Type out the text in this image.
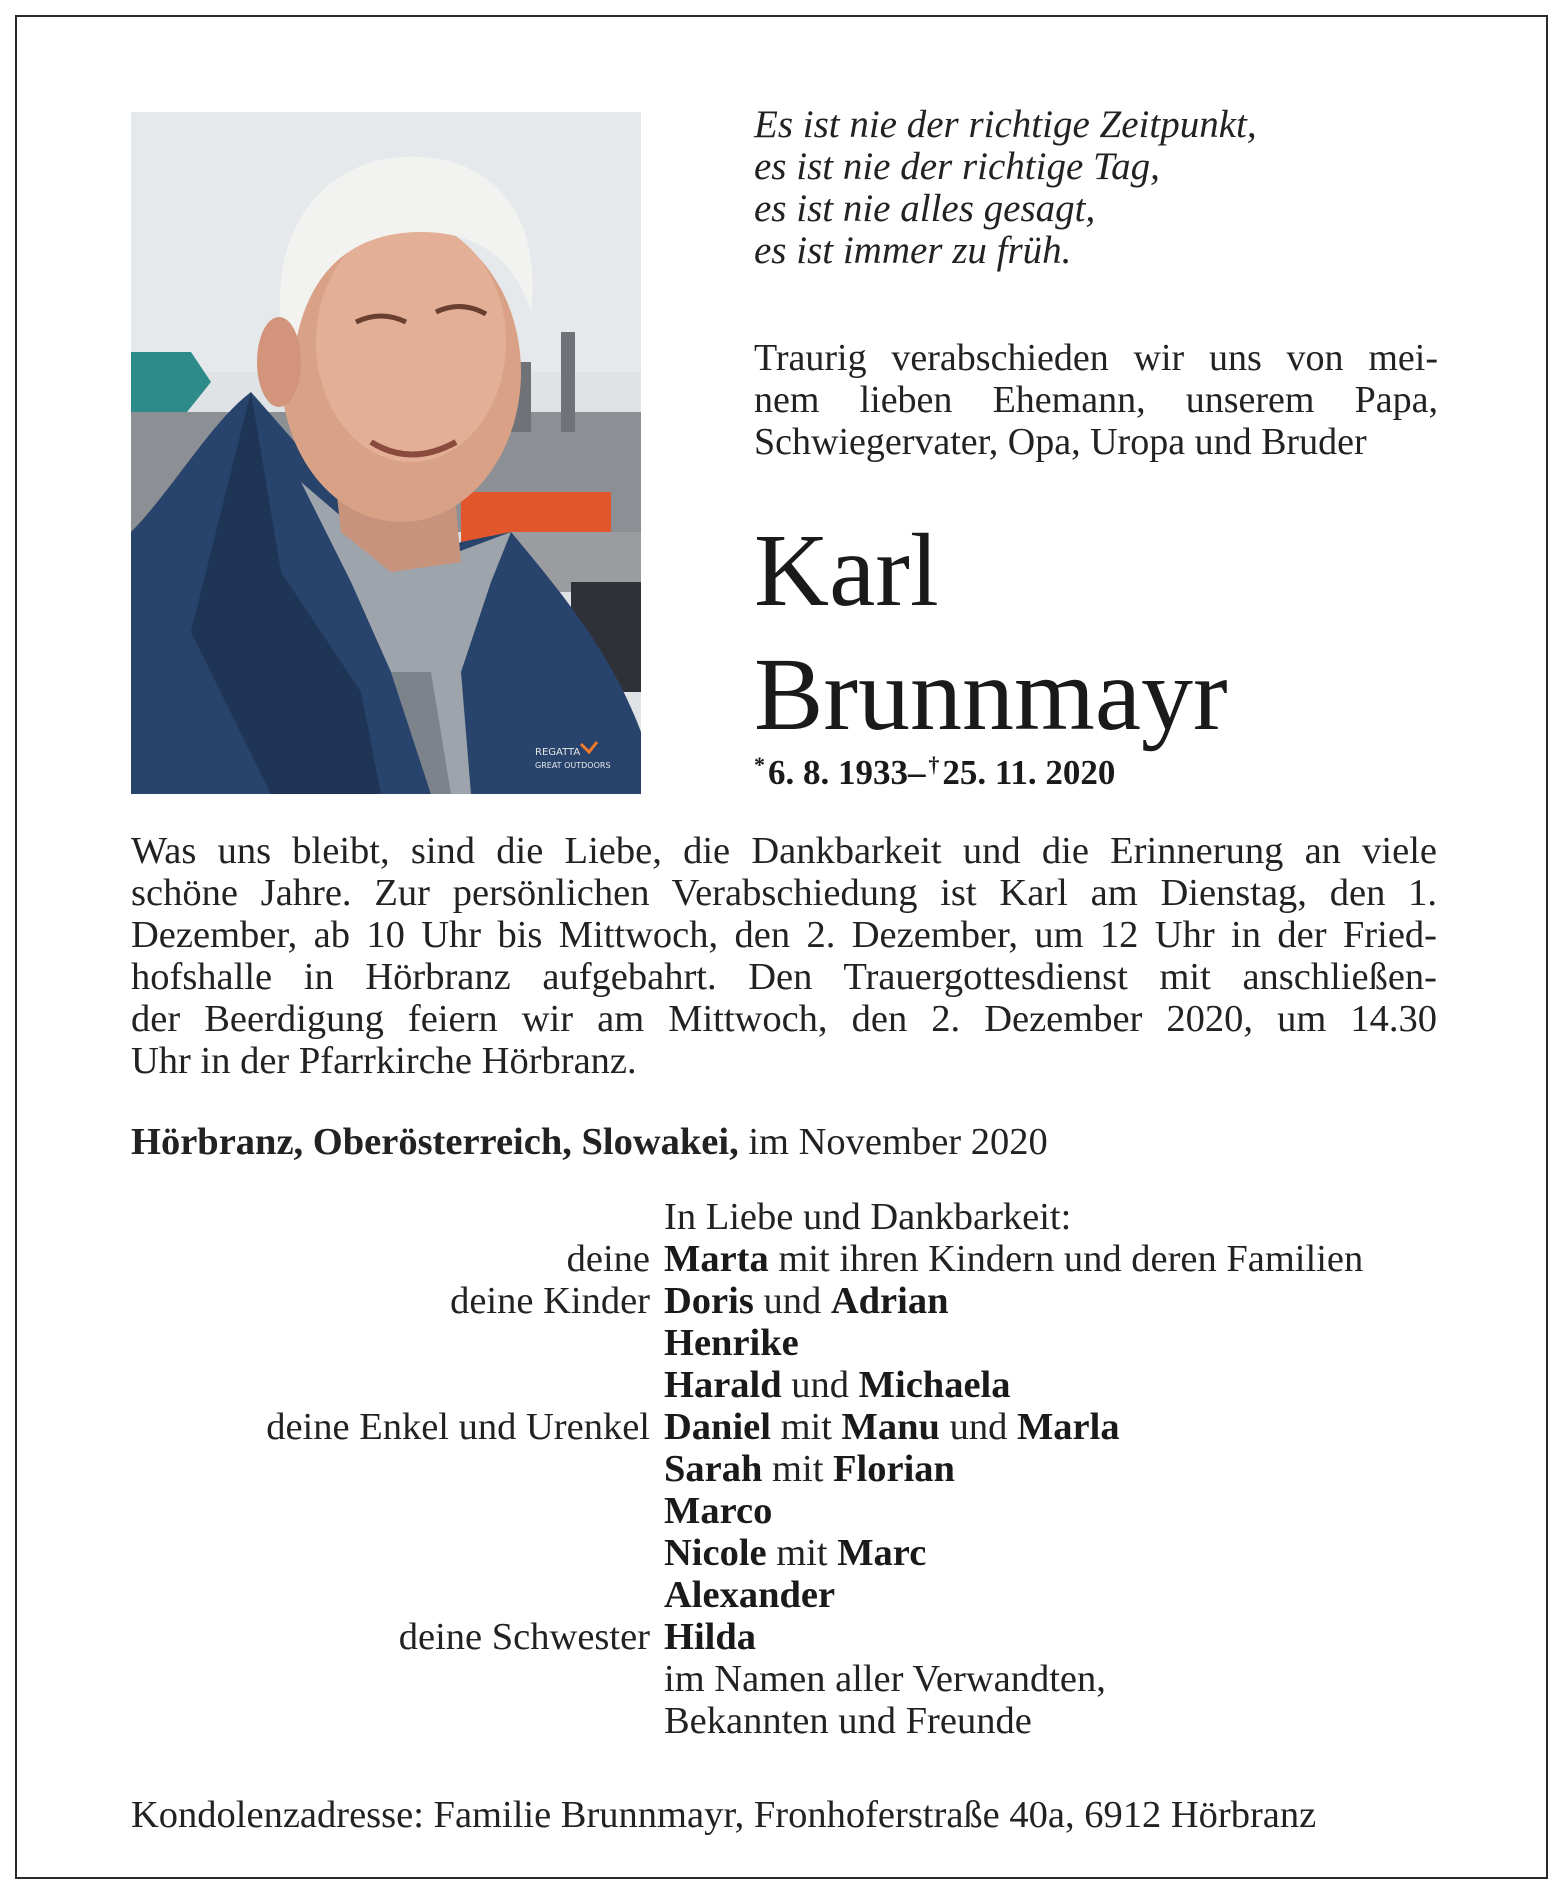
REGATTA
GREAT OUTDOORS
Es ist nie der richtige Zeitpunkt,
es ist nie der richtige Tag,
es ist nie alles gesagt,
es ist immer zu früh.
Traurig verabschieden wir uns von mei-
nem lieben Ehemann, unserem Papa,
Schwiegervater, Opa, Uropa und Bruder
Karl
Brunnmayr
* 6. 8. 1933–  † 25. 11. 2020
Was uns bleibt, sind die Liebe, die Dankbarkeit und die Erinnerung an viele
schöne Jahre. Zur persönlichen Verabschiedung ist Karl am Dienstag, den 1.
Dezember, ab 10 Uhr bis Mittwoch, den 2. Dezember, um 12 Uhr in der Fried-
hofshalle in Hörbranz aufgebahrt. Den Trauergottesdienst mit anschließen-
der Beerdigung feiern wir am Mittwoch, den 2. Dezember 2020, um 14.30
Uhr in der Pfarrkirche Hörbranz.
Hörbranz, Oberösterreich, Slowakei, im November 2020
In Liebe und Dankbarkeit:
deine Marta mit ihren Kindern und deren Familien
deine Kinder Doris und Adrian
Henrike
Harald und Michaela
deine Enkel und Urenkel Daniel mit Manu und Marla
Sarah mit Florian
Marco
Nicole mit Marc
Alexander
deine Schwester Hilda
im Namen aller Verwandten,
Bekannten und Freunde
Kondolenzadresse: Familie Brunnmayr, Fronhoferstraße 40a, 6912 Hörbranz
